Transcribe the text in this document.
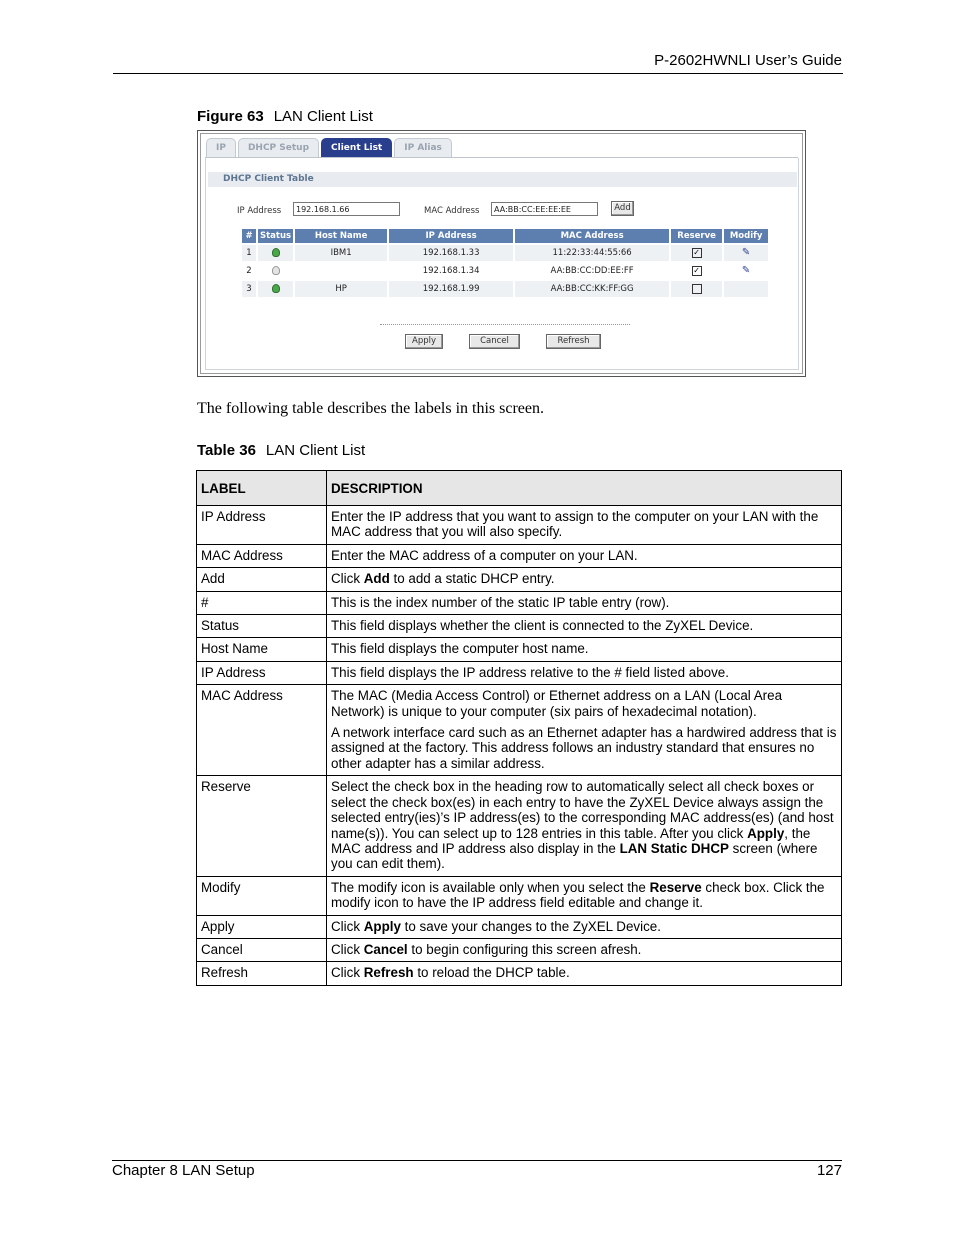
P-2602HWNLI User’s Guide
Figure 63 LAN Client List
IP	DHCP Setup	Client List	IP Alias
DHCP Client Table
IP Address	192.168.1.66	MAC Address	AA:BB:CC:EE:EE:EE	Add
#	Status	Host Name	IP Address	MAC Address	Reserve	Modify
1		IBM1	192.168.1.33	11:22:33:44:55:66	✓	✎
2			192.168.1.34	AA:BB:CC:DD:EE:FF	✓	✎
3		HP	192.168.1.99	AA:BB:CC:KK:FF:GG		
Apply	Cancel	Refresh
The following table describes the labels in this screen.
Table 36 LAN Client List
LABEL	DESCRIPTION
IP Address	Enter the IP address that you want to assign to the computer on your LAN with the MAC address that you will also specify.

MAC Address	Enter the MAC address of a computer on your LAN.

Add	Click Add to add a static DHCP entry.

#	This is the index number of the static IP table entry (row).

Status	This field displays whether the client is connected to the ZyXEL Device.

Host Name	This field displays the computer host name.

IP Address	This field displays the IP address relative to the # field listed above.

MAC Address	The MAC (Media Access Control) or Ethernet address on a LAN (Local Area Network) is unique to your computer (six pairs of hexadecimal notation).

A network interface card such as an Ethernet adapter has a hardwired address that is assigned at the factory. This address follows an industry standard that ensures no other adapter has a similar address.

Reserve	Select the check box in the heading row to automatically select all check boxes or select the check box(es) in each entry to have the ZyXEL Device always assign the selected entry(ies)’s IP address(es) to the corresponding MAC address(es) (and host name(s)). You can select up to 128 entries in this table. After you click Apply, the MAC address and IP address also display in the LAN Static DHCP screen (where you can edit them).

Modify	The modify icon is available only when you select the Reserve check box. Click the modify icon to have the IP address field editable and change it.

Apply	Click Apply to save your changes to the ZyXEL Device.

Cancel	Click Cancel to begin configuring this screen afresh.

Refresh	Click Refresh to reload the DHCP table.

Chapter 8 LAN Setup	127
